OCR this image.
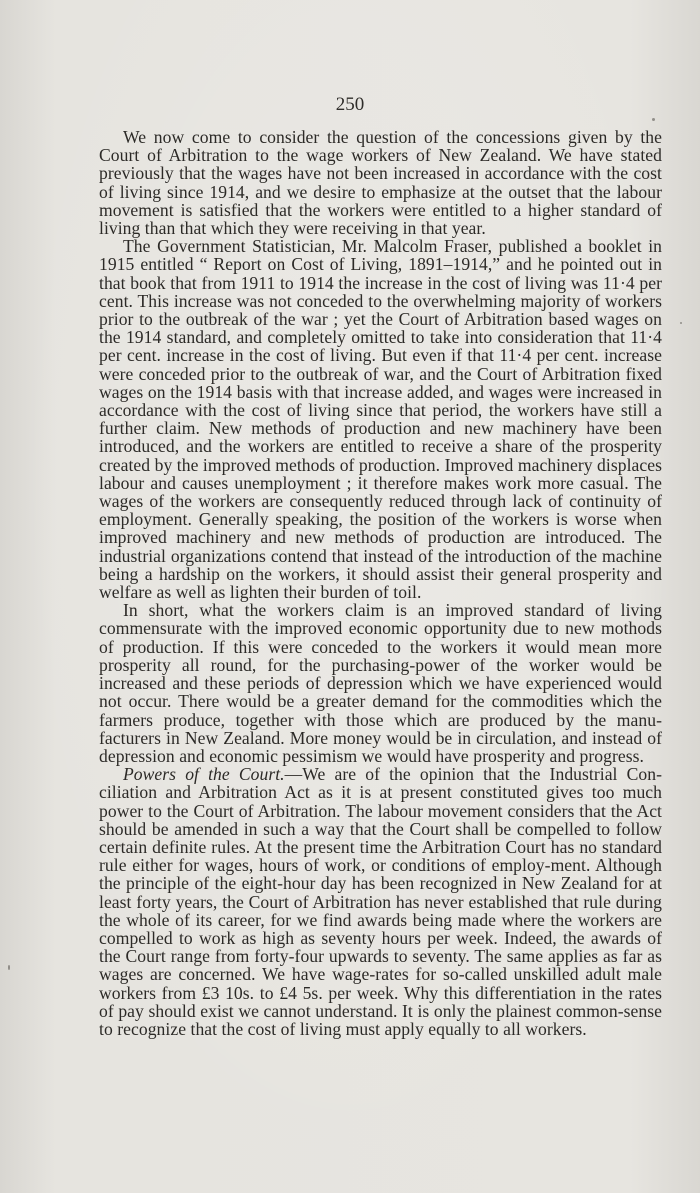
250

We now come to consider the question of the concessions given by the Court of Arbitration to the wage workers of New Zealand. We have stated previously that the wages have not been increased in accordance with the cost of living since 1914, and we desire to emphasize at the outset that the labour movement is satisfied that the workers were entitled to a higher standard of living than that which they were receiving in that year.

The Government Statistician, Mr. Malcolm Fraser, published a booklet in 1915 entitled “ Report on Cost of Living, 1891–1914,” and he pointed out in that book that from 1911 to 1914 the increase in the cost of living was 11·4 per cent. This increase was not conceded to the overwhelming majority of workers prior to the outbreak of the war ; yet the Court of Arbitration based wages on the 1914 standard, and completely omitted to take into consideration that 11·4 per cent. increase in the cost of living. But even if that 11·4 per cent. increase were conceded prior to the outbreak of war, and the Court of Arbitration fixed wages on the 1914 basis with that increase added, and wages were increased in accordance with the cost of living since that period, the workers have still a further claim. New methods of production and new machinery have been introduced, and the workers are entitled to receive a share of the prosperity created by the improved methods of production. Improved machinery displaces labour and causes unemployment ; it therefore makes work more casual. The wages of the workers are consequently reduced through lack of continuity of employment. Generally speaking, the position of the workers is worse when improved machinery and new methods of production are introduced. The industrial organizations contend that instead of the introduction of the machine being a hardship on the workers, it should assist their general prosperity and welfare as well as lighten their burden of toil.

In short, what the workers claim is an improved standard of living commensurate with the improved economic opportunity due to new mothods of production. If this were conceded to the workers it would mean more prosperity all round, for the purchasing-power of the worker would be increased and these periods of depression which we have experienced would not occur. There would be a greater demand for the commodities which the farmers produce, together with those which are produced by the manu-facturers in New Zealand. More money would be in circulation, and instead of depression and economic pessimism we would have prosperity and progress.

Powers of the Court.—We are of the opinion that the Industrial Con-ciliation and Arbitration Act as it is at present constituted gives too much power to the Court of Arbitration. The labour movement considers that the Act should be amended in such a way that the Court shall be compelled to follow certain definite rules. At the present time the Arbitration Court has no standard rule either for wages, hours of work, or conditions of employ-ment. Although the principle of the eight-hour day has been recognized in New Zealand for at least forty years, the Court of Arbitration has never established that rule during the whole of its career, for we find awards being made where the workers are compelled to work as high as seventy hours per week. Indeed, the awards of the Court range from forty-four upwards to seventy. The same applies as far as wages are concerned. We have wage-rates for so-called unskilled adult male workers from £3 10s. to £4 5s. per week. Why this differentiation in the rates of pay should exist we cannot understand. It is only the plainest common-sense to recognize that the cost of living must apply equally to all workers.
